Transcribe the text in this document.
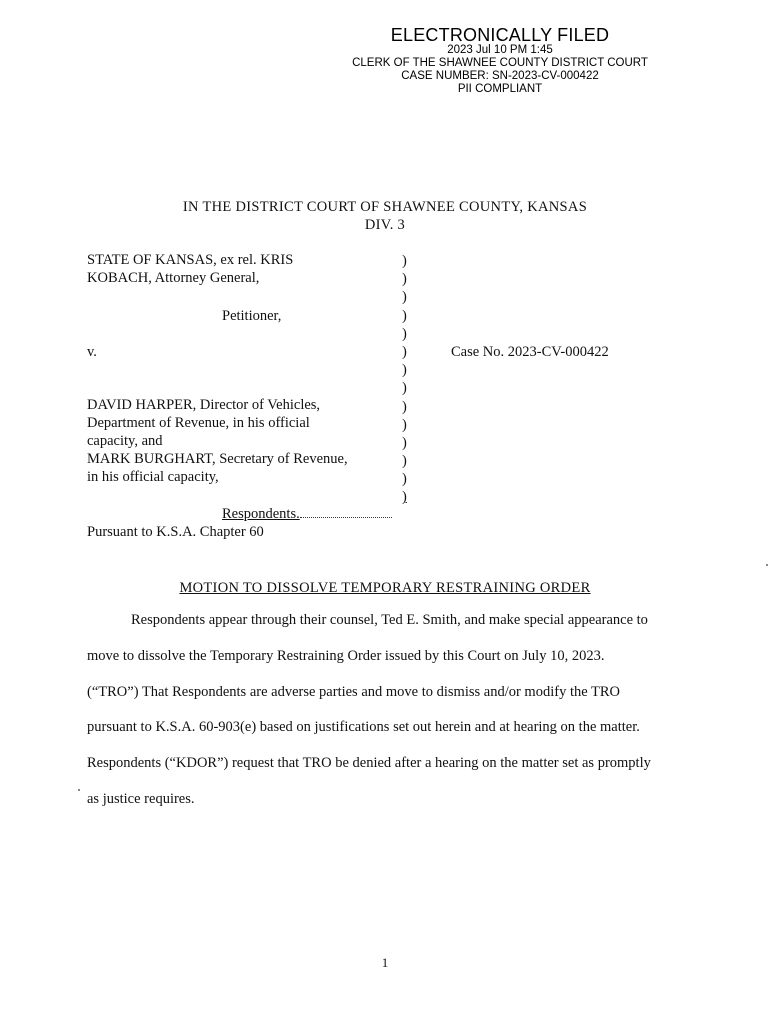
ELECTRONICALLY FILED
2023 Jul 10 PM 1:45
CLERK OF THE SHAWNEE COUNTY DISTRICT COURT
CASE NUMBER: SN-2023-CV-000422
PII COMPLIANT
IN THE DISTRICT COURT OF SHAWNEE COUNTY, KANSAS
DIV. 3
STATE OF KANSAS, ex rel. KRIS
KOBACH, Attorney General,
Petitioner,
v.	Case No. 2023-CV-000422
DAVID HARPER, Director of Vehicles,
Department of Revenue, in his official
capacity, and
MARK BURGHART, Secretary of Revenue,
in his official capacity,
Respondents.
Pursuant to K.S.A. Chapter 60
)
)
)
)
)
)
)
)
)
)
)
)
)
)
MOTION TO DISSOLVE TEMPORARY RESTRAINING ORDER
Respondents appear through their counsel, Ted E. Smith, and make special appearance to
move to dissolve the Temporary Restraining Order issued by this Court on July 10, 2023.
(“TRO”) That Respondents are adverse parties and move to dismiss and/or modify the TRO
pursuant to K.S.A. 60-903(e) based on justifications set out herein and at hearing on the matter.
Respondents (“KDOR”) request that TRO be denied after a hearing on the matter set as promptly
as justice requires.
1
